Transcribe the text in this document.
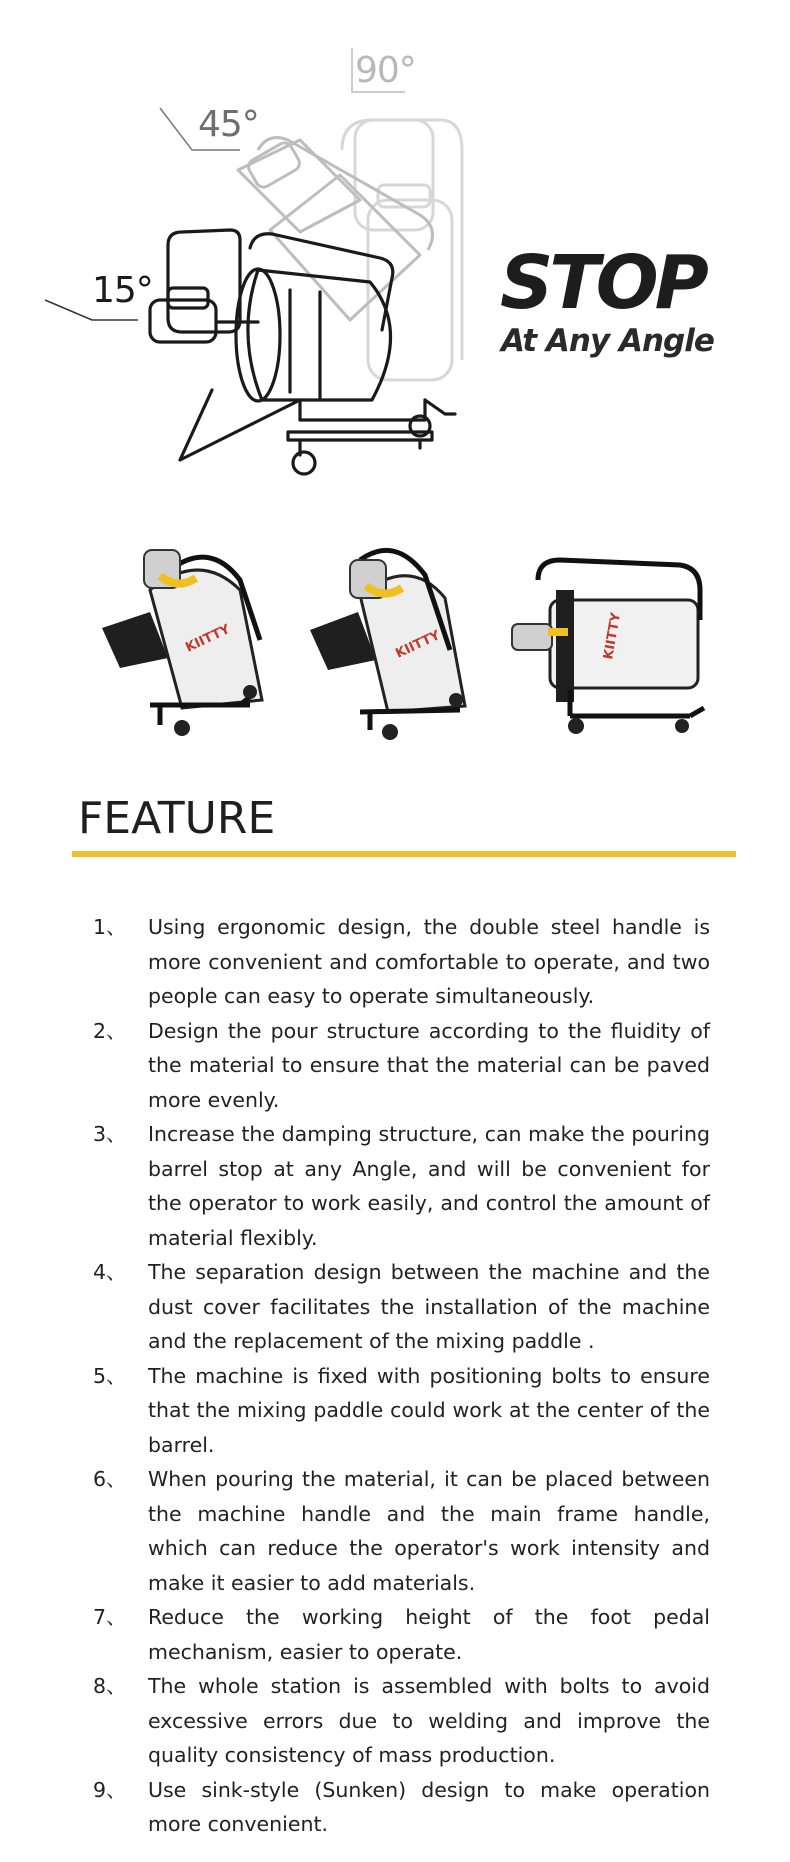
90°
45°
15°	STOP
At Any Angle
KIITTY	KIITTY	KIITTY
FEATURE
1、	Using ergonomic design, the double steel handle is more convenient and comfortable to operate, and two people can easy to operate simultaneously.
2、	Design the pour structure according to the fluidity of the material to ensure that the material can be paved more evenly.
3、	Increase the damping structure, can make the pouring barrel stop at any Angle, and will be convenient for the operator to work easily, and control the amount of material flexibly.
4、	The separation design between the machine and the dust cover facilitates the installation of the machine and the replacement of the mixing paddle .
5、	The machine is fixed with positioning bolts to ensure that the mixing paddle could work at the center of the barrel.
6、	When pouring the material, it can be placed between the machine handle and the main frame handle, which can reduce the operator's work intensity and make it easier to add materials.
7、	Reduce the working height of the foot pedal mechanism, easier to operate.
8、	The whole station is assembled with bolts to avoid excessive errors due to welding and improve the quality consistency of mass production.
9、	Use sink-style (Sunken) design to make operation more convenient.
